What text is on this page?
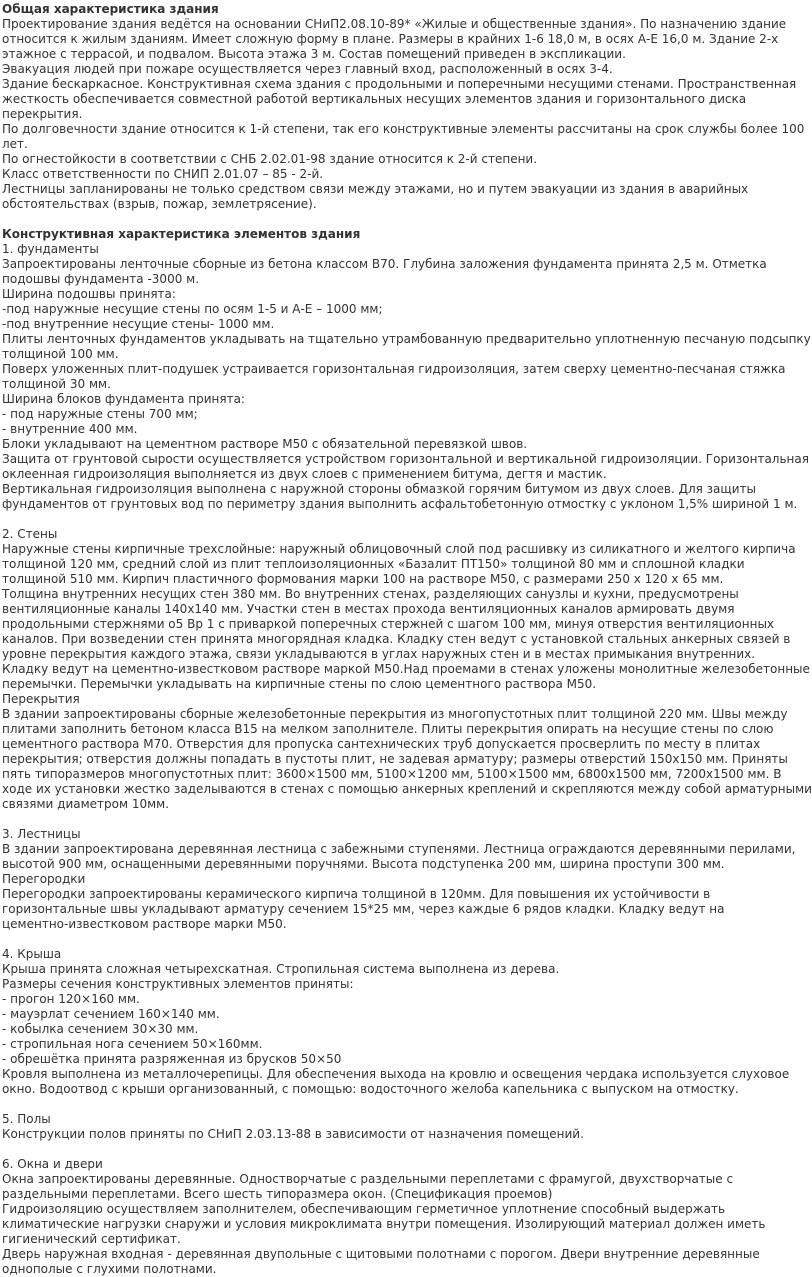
Общая характеристика здания
Проектирование здания ведётся на основании СНиП2.08.10-89* «Жилые и общественные здания». По назначению здание
относится к жилым зданиям. Имеет сложную форму в плане. Размеры в крайних 1-6 18,0 м, в осях А-Е 16,0 м. Здание 2-х
этажное с террасой, и подвалом. Высота этажа 3 м. Состав помещений приведен в экспликации.
Эвакуация людей при пожаре осуществляется через главный вход, расположенный в осях 3-4.
Здание бескаркасное. Конструктивная схема здания с продольными и поперечными несущими стенами. Пространственная
жесткость обеспечивается совместной работой вертикальных несущих элементов здания и горизонтального диска
перекрытия.
По долговечности здание относится к 1-й степени, так его конструктивные элементы рассчитаны на срок службы более 100
лет.
По огнестойкости в соответствии с СНБ 2.02.01-98 здание относится к 2-й степени.
Класс ответственности по СНИП 2.01.07 – 85 - 2-й.
Лестницы запланированы не только средством связи между этажами, но и путем эвакуации из здания в аварийных
обстоятельствах (взрыв, пожар, землетрясение).
Конструктивная характеристика элементов здания
1. фундаменты
Запроектированы ленточные сборные из бетона классом В70. Глубина заложения фундамента принята 2,5 м. Отметка
подошвы фундамента -3000 м.
Ширина подошвы принята:
-под наружные несущие стены по осям 1-5 и А-Е – 1000 мм;
-под внутренние несущие стены- 1000 мм.
Плиты ленточных фундаментов укладывать на тщательно утрамбованную предварительно уплотненную песчаную подсыпку
толщиной 100 мм.
Поверх уложенных плит-подушек устраивается горизонтальная гидроизоляция, затем сверху цементно-песчаная стяжка
толщиной 30 мм.
Ширина блоков фундамента принята:
- под наружные стены 700 мм;
- внутренние 400 мм.
Блоки укладывают на цементном растворе М50 с обязательной перевязкой швов.
Защита от грунтовой сырости осуществляется устройством горизонтальной и вертикальной гидроизоляции. Горизонтальная
оклеенная гидроизоляция выполняется из двух слоев с применением битума, дегтя и мастик.
Вертикальная гидроизоляция выполнена с наружной стороны обмазкой горячим битумом из двух слоев. Для защиты
фундаментов от грунтовых вод по периметру здания выполнить асфальтобетонную отмостку с уклоном 1,5% шириной 1 м.
2. Стены
Наружные стены кирпичные трехслойные: наружный облицовочный слой под расшивку из силикатного и желтого кирпича
толщиной 120 мм, средний слой из плит теплоизоляционных «Базалит ПТ150» толщиной 80 мм и сплошной кладки
толщиной 510 мм. Кирпич пластичного формования марки 100 на растворе М50, с размерами 250 х 120 х 65 мм.
Толщина внутренних несущих стен 380 мм. Во внутренних стенах, разделяющих санузлы и кухни, предусмотрены
вентиляционные каналы 140х140 мм. Участки стен в местах прохода вентиляционных каналов армировать двумя
продольными стержнями о5 Вр 1 с приваркой поперечных стержней с шагом 100 мм, минуя отверстия вентиляционных
каналов. При возведении стен принята многорядная кладка. Кладку стен ведут с установкой стальных анкерных связей в
уровне перекрытия каждого этажа, связи укладываются в углах наружных стен и в местах примыкания внутренних.
Кладку ведут на цементно-известковом растворе маркой М50.Над проемами в стенах уложены монолитные железобетонные
перемычки. Перемычки укладывать на кирпичные стены по слою цементного раствора М50.
Перекрытия
В здании запроектированы сборные железобетонные перекрытия из многопустотных плит толщиной 220 мм. Швы между
плитами заполнить бетоном класса В15 на мелком заполнителе. Плиты перекрытия опирать на несущие стены по слою
цементного раствора М70. Отверстия для пропуска сантехнических труб допускается просверлить по месту в плитах
перекрытия; отверстия должны попадать в пустоты плит, не задевая арматуру; размеры отверстий 150х150 мм. Приняты
пять типоразмеров многопустотных плит: 3600×1500 мм, 5100×1200 мм, 5100×1500 мм, 6800х1500 мм, 7200х1500 мм. В
ходе их установки жестко заделываются в стенах с помощью анкерных креплений и скрепляются между собой арматурными
связями диаметром 10мм.
3. Лестницы
В здании запроектирована деревянная лестница с забежными ступенями. Лестница ограждаются деревянными перилами,
высотой 900 мм, оснащенными деревянными поручнями. Высота подступенка 200 мм, ширина проступи 300 мм.
Перегородки
Перегородки запроектированы керамического кирпича толщиной в 120мм. Для повышения их устойчивости в
горизонтальные швы укладывают арматуру сечением 15*25 мм, через каждые 6 рядов кладки. Кладку ведут на
цементно-известковом растворе марки М50.
4. Крыша
Крыша принята сложная четырехскатная. Стропильная система выполнена из дерева.
Размеры сечения конструктивных элементов приняты:
- прогон 120×160 мм.
- мауэрлат сечением 160×140 мм.
- кобылка сечением 30×30 мм.
- стропильная нога сечением 50×160мм.
- обрешётка принята разряженная из брусков 50×50
Кровля выполнена из металлочерепицы. Для обеспечения выхода на кровлю и освещения чердака используется слуховое
окно. Водоотвод с крыши организованный, с помощью: водосточного желоба капельника с выпуском на отмостку.
5. Полы
Конструкции полов приняты по СНиП 2.03.13-88 в зависимости от назначения помещений.
6. Окна и двери
Окна запроектированы деревянные. Одностворчатые с раздельными переплетами с фрамугой, двухстворчатые с
раздельными переплетами. Всего шесть типоразмера окон. (Спецификация проемов)
Гидроизоляцию осуществляем заполнителем, обеспечивающим герметичное уплотнение способный выдержать
климатические нагрузки снаружи и условия микроклимата внутри помещения. Изолирующий материал должен иметь
гигиенический сертификат.
Дверь наружная входная - деревянная двупольные с щитовыми полотнами с порогом. Двери внутренние деревянные
однополые с глухими полотнами.
